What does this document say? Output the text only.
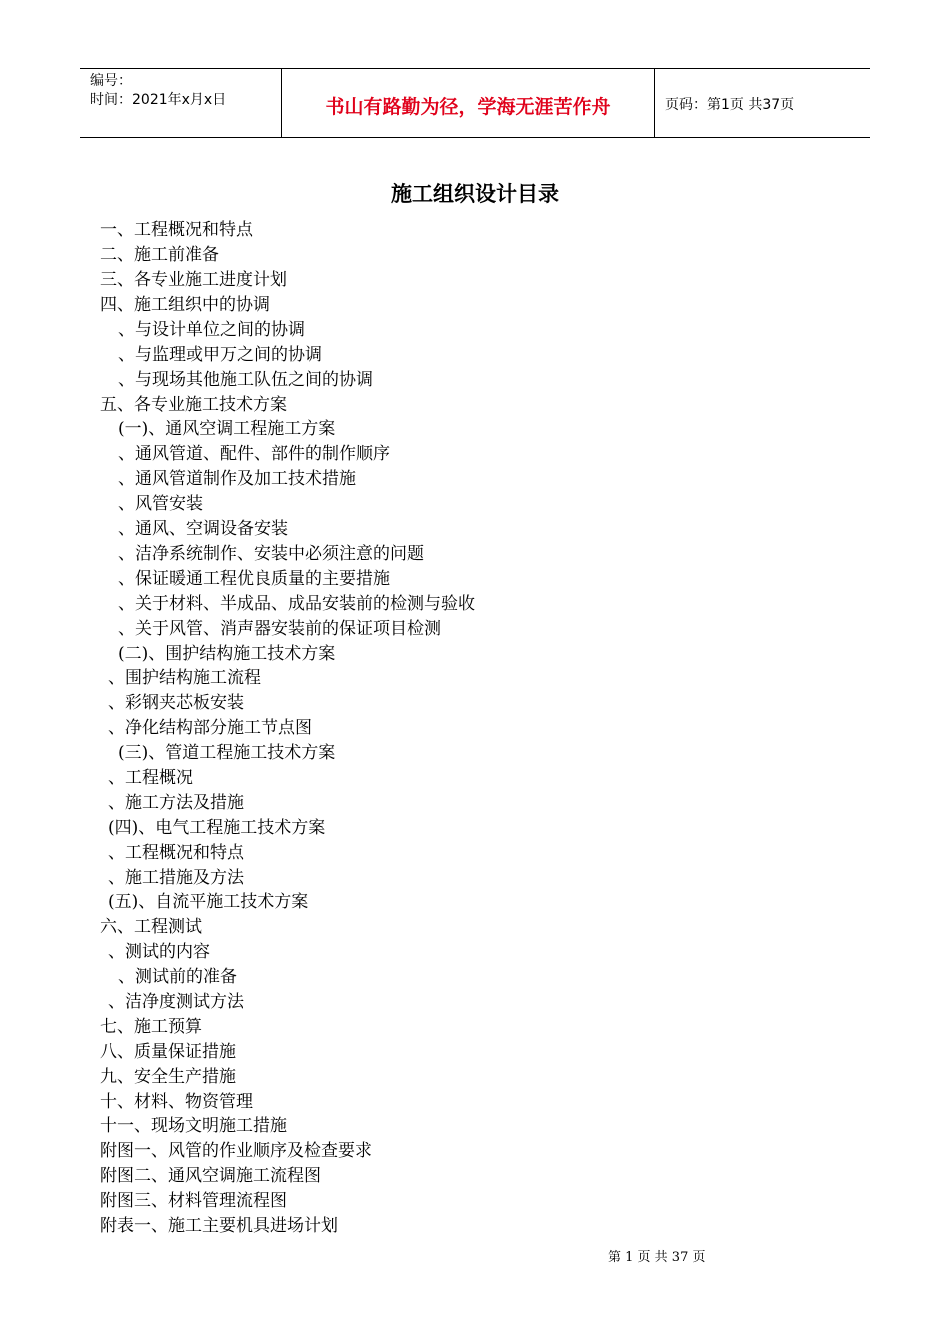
编号：
时间：2021年x月x日	书山有路勤为径，学海无涯苦作舟	页码：第1页 共37页
施工组织设计目录
一、工程概况和特点
二、施工前准备
三、各专业施工进度计划
四、施工组织中的协调
、与设计单位之间的协调
、与监理或甲万之间的协调
、与现场其他施工队伍之间的协调
五、各专业施工技术方案
(一)、通风空调工程施工方案
、通风管道、配件、部件的制作顺序
、通风管道制作及加工技术措施
、风管安装
、通风、空调设备安装
、洁净系统制作、安装中必须注意的问题
、保证暖通工程优良质量的主要措施
、关于材料、半成品、成品安装前的检测与验收
、关于风管、消声器安装前的保证项目检测
(二)、围护结构施工技术方案
、围护结构施工流程
、彩钢夹芯板安装
、净化结构部分施工节点图
(三)、管道工程施工技术方案
、工程概况
、施工方法及措施
(四)、电气工程施工技术方案
、工程概况和特点
、施工措施及方法
(五)、自流平施工技术方案
六、工程测试
、测试的内容
、测试前的准备
、洁净度测试方法
七、施工预算
八、质量保证措施
九、安全生产措施
十、材料、物资管理
十一、现场文明施工措施
附图一、风管的作业顺序及检查要求
附图二、通风空调施工流程图
附图三、材料管理流程图
附表一、施工主要机具进场计划
第 1 页 共 37 页
